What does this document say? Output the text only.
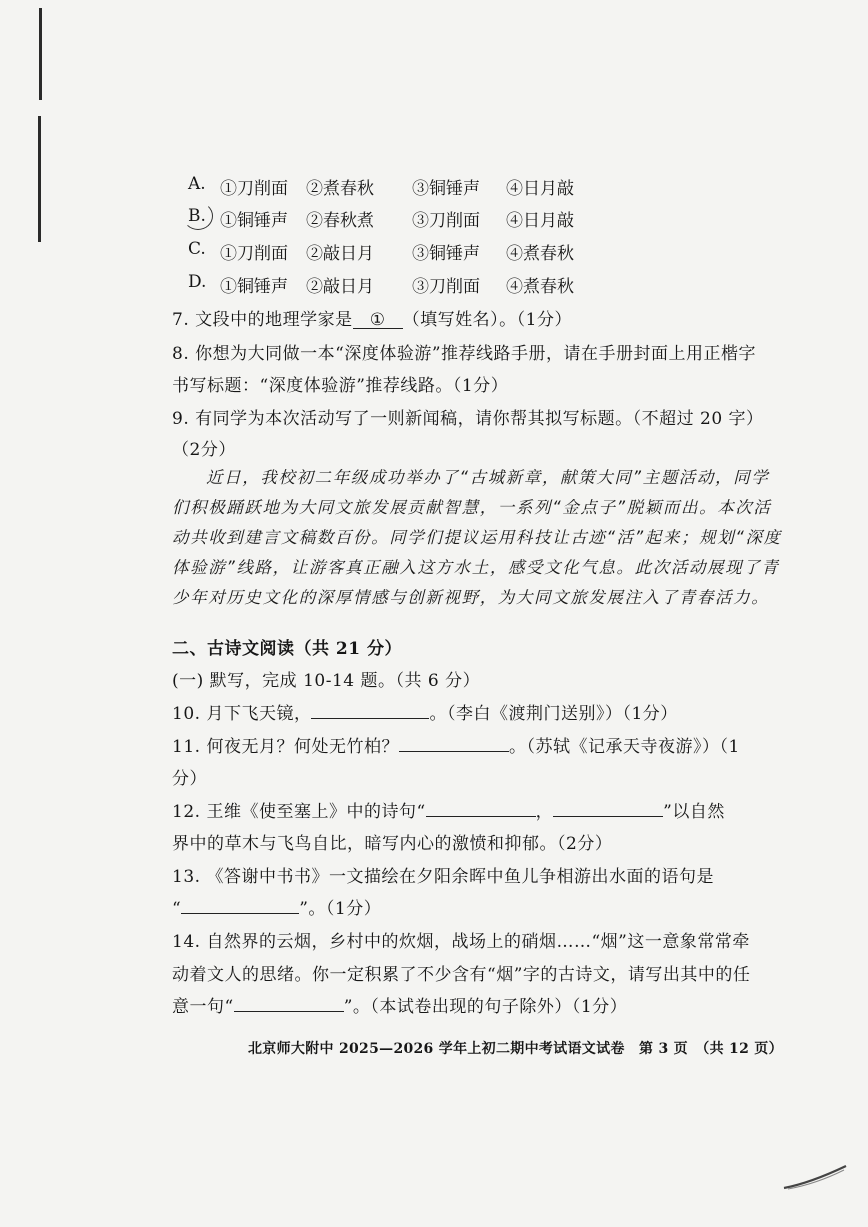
A. ①刀削面 ②煮春秋 ③铜锤声 ④日月敲
B. ①铜锤声 ②春秋煮 ③刀削面 ④日月敲
C. ①刀削面 ②敲日月 ③铜锤声 ④煮春秋
D. ①铜锤声 ②敲日月 ③刀削面 ④煮春秋
7. 文段中的地理学家是 ① （填写姓名）。（1分）
8. 你想为大同做一本“深度体验游”推荐线路手册，请在手册封面上用正楷字
书写标题：“深度体验游”推荐线路。（1分）
9. 有同学为本次活动写了一则新闻稿，请你帮其拟写标题。（不超过 20 字）
（2分）

近日，我校初二年级成功举办了“古城新章，献策大同”主题活动，同学们积极踊跃地为大同文旅发展贡献智慧，一系列“金点子”脱颖而出。本次活动共收到建言文稿数百份。同学们提议运用科技让古迹“活”起来；规划“深度体验游”线路，让游客真正融入这方水土，感受文化气息。此次活动展现了青少年对历史文化的深厚情感与创新视野，为大同文旅发展注入了青春活力。

二、古诗文阅读（共 21 分）
(一) 默写，完成 10-14 题。（共 6 分）
10. 月下飞天镜，	。（李白《渡荆门送别》）（1分）
11. 何夜无月？何处无竹柏？	。（苏轼《记承天寺夜游》）（1
分）
12. 王维《使至塞上》中的诗句“	，	”以自然
界中的草木与飞鸟自比，暗写内心的激愤和抑郁。（2分）
13. 《答谢中书书》一文描绘在夕阳余晖中鱼儿争相游出水面的语句是
“	”。（1分）
14. 自然界的云烟，乡村中的炊烟，战场上的硝烟……“烟”这一意象常常牵
动着文人的思绪。你一定积累了不少含有“烟”字的古诗文，请写出其中的任
意一句“	”。（本试卷出现的句子除外）（1分）
北京师大附中 2025—2026 学年上初二期中考试语文试卷　第 3 页　（共 12 页）
